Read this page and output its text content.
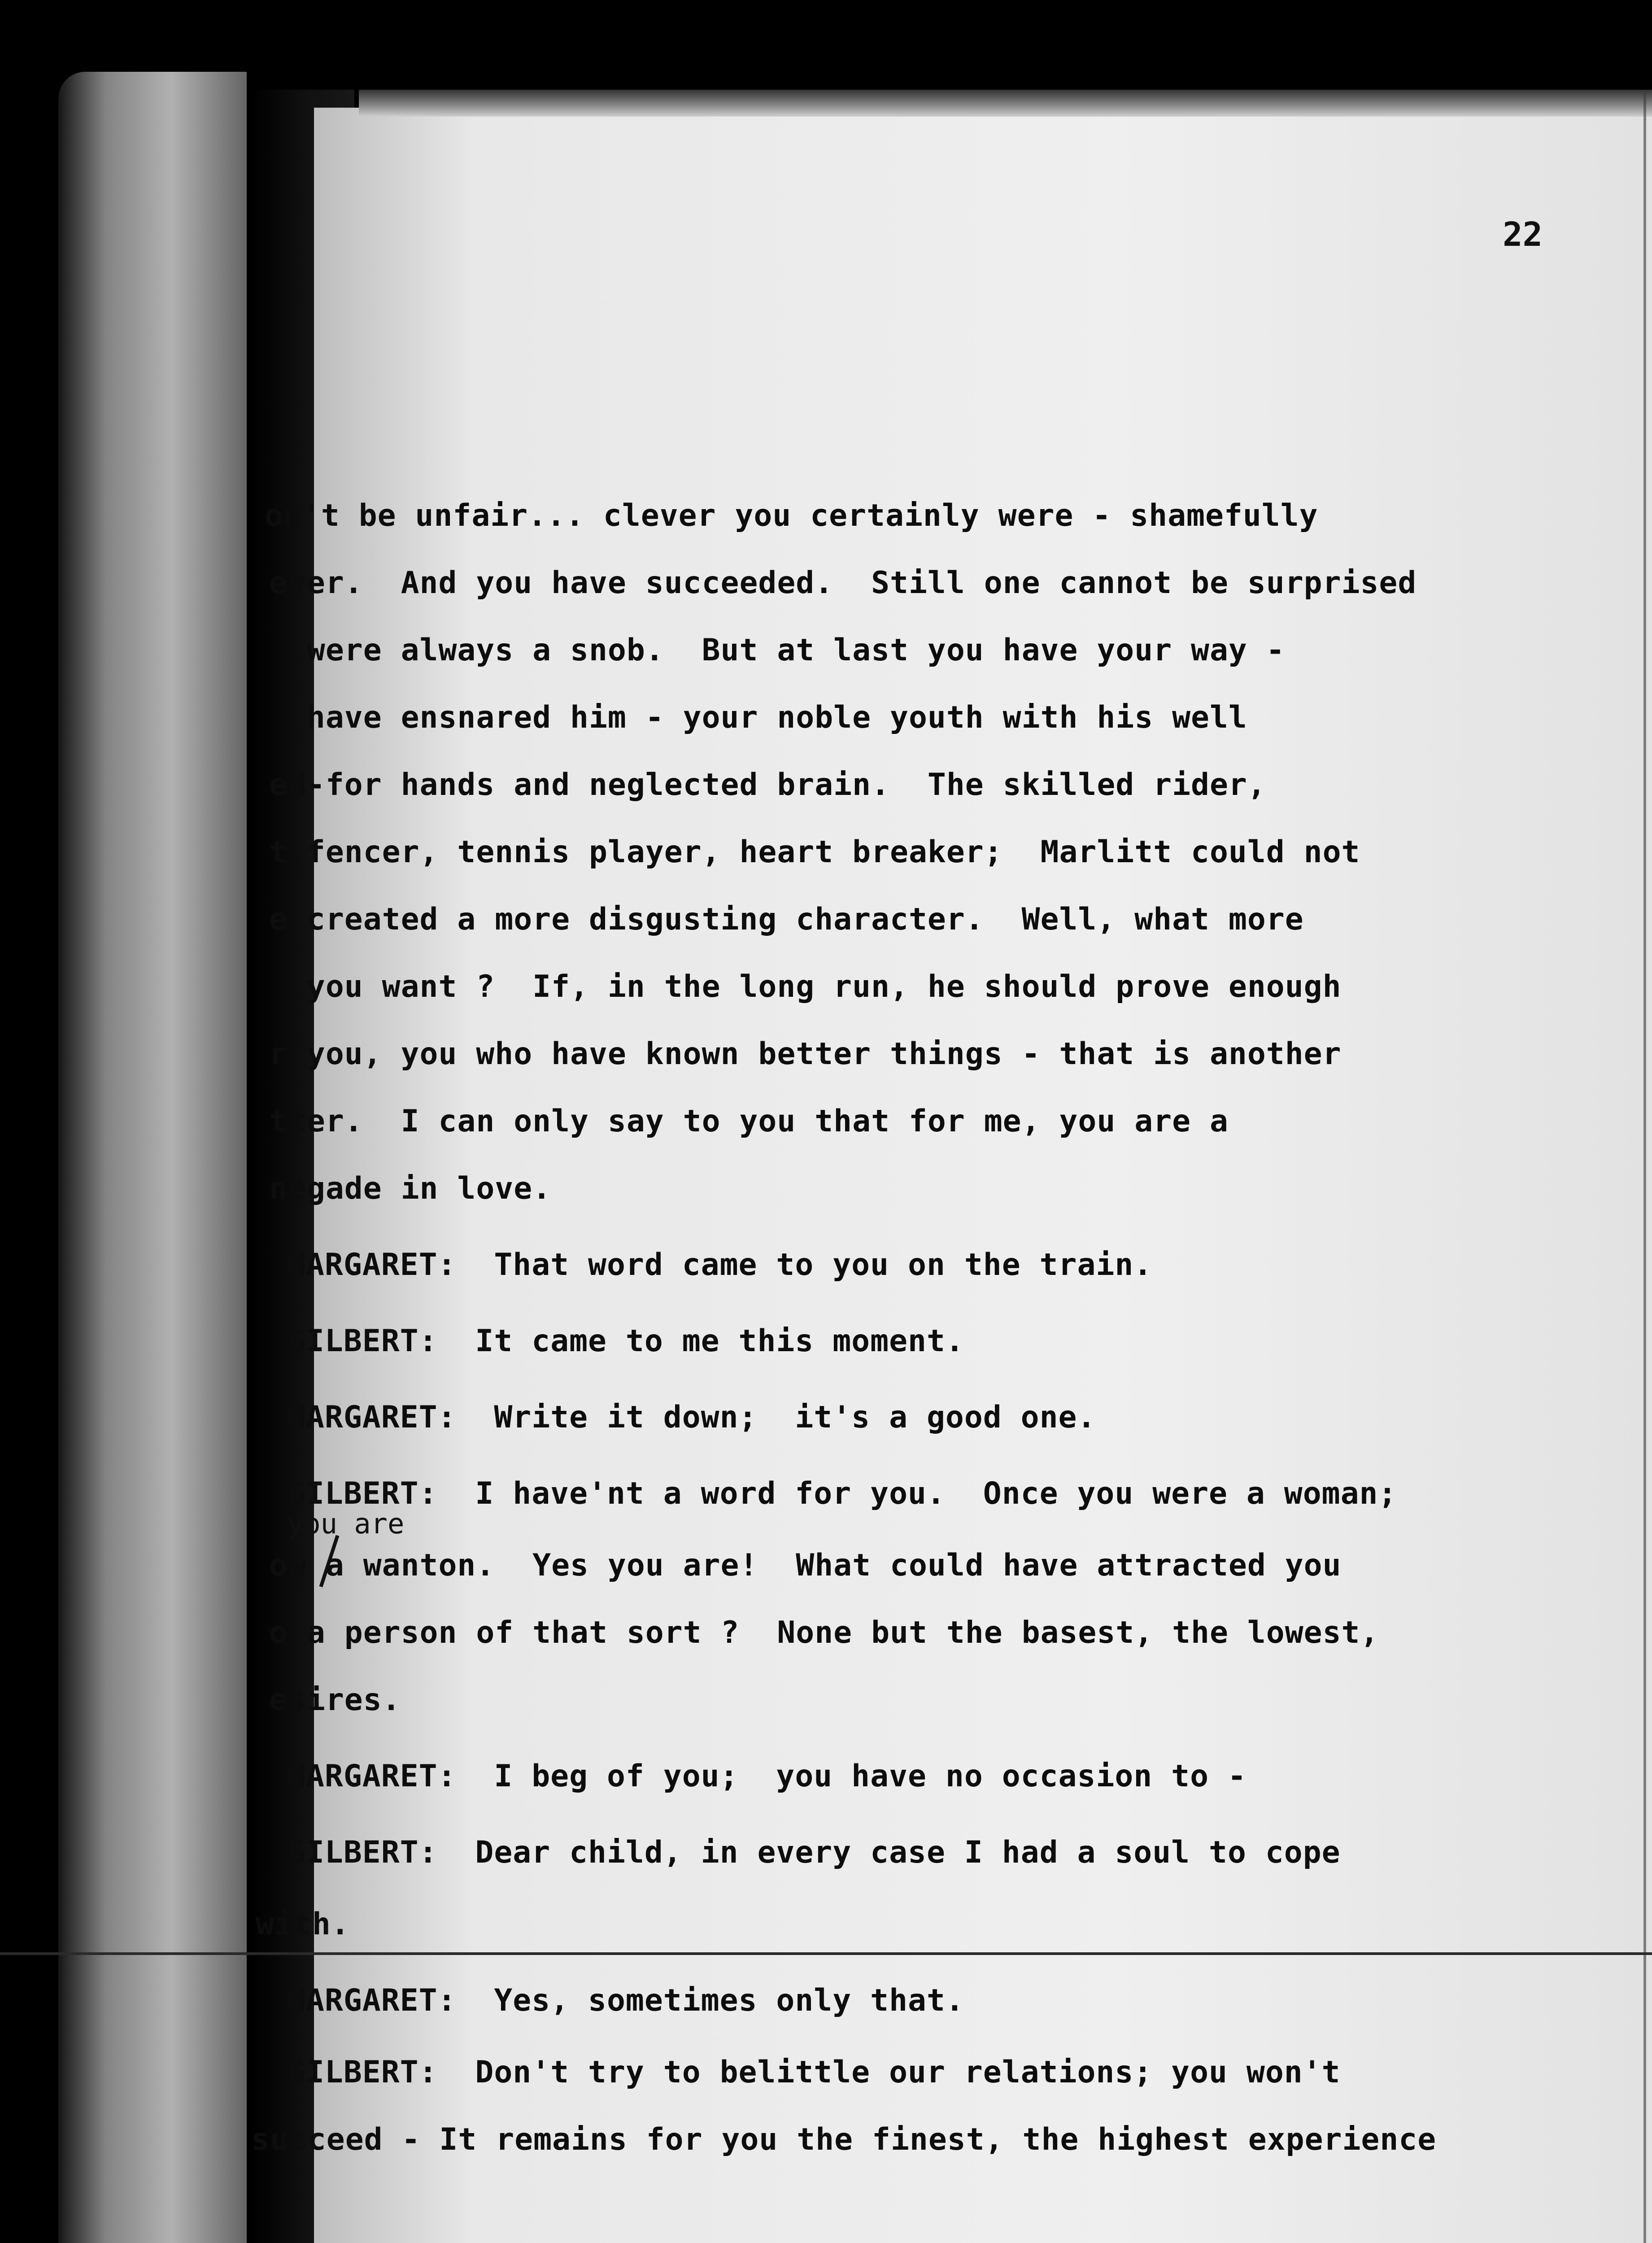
22
you are
on't be unfair... clever you certainly were - shamefully
ever.  And you have succeeded.  Still one cannot be surprised
were always a snob.  But at last you have your way -
have ensnared him - your noble youth with his well
ed-for hands and neglected brain.  The skilled rider,
t,fencer, tennis player, heart breaker;  Marlitt could not
e created a more disgusting character.  Well, what more
you want ?  If, in the long run, he should prove enough
r you, you who have known better things - that is another
tter.  I can only say to you that for me, you are a
negade in love.
MARGARET:  That word came to you on the train.
GILBERT:  It came to me this moment.
MARGARET:  Write it down;  it's a good one.
GILBERT:  I have'nt a word for you.  Once you were a woman;
ow a wanton.  Yes you are!  What could have attracted you
o a person of that sort ?  None but the basest, the lowest,
esires.
MARGARET:  I beg of you;  you have no occasion to -
GILBERT:  Dear child, in every case I had a soul to cope
with.
MARGARET:  Yes, sometimes only that.
GILBERT:  Don't try to belittle our relations; you won't
succeed - It remains for you the finest, the highest experience
